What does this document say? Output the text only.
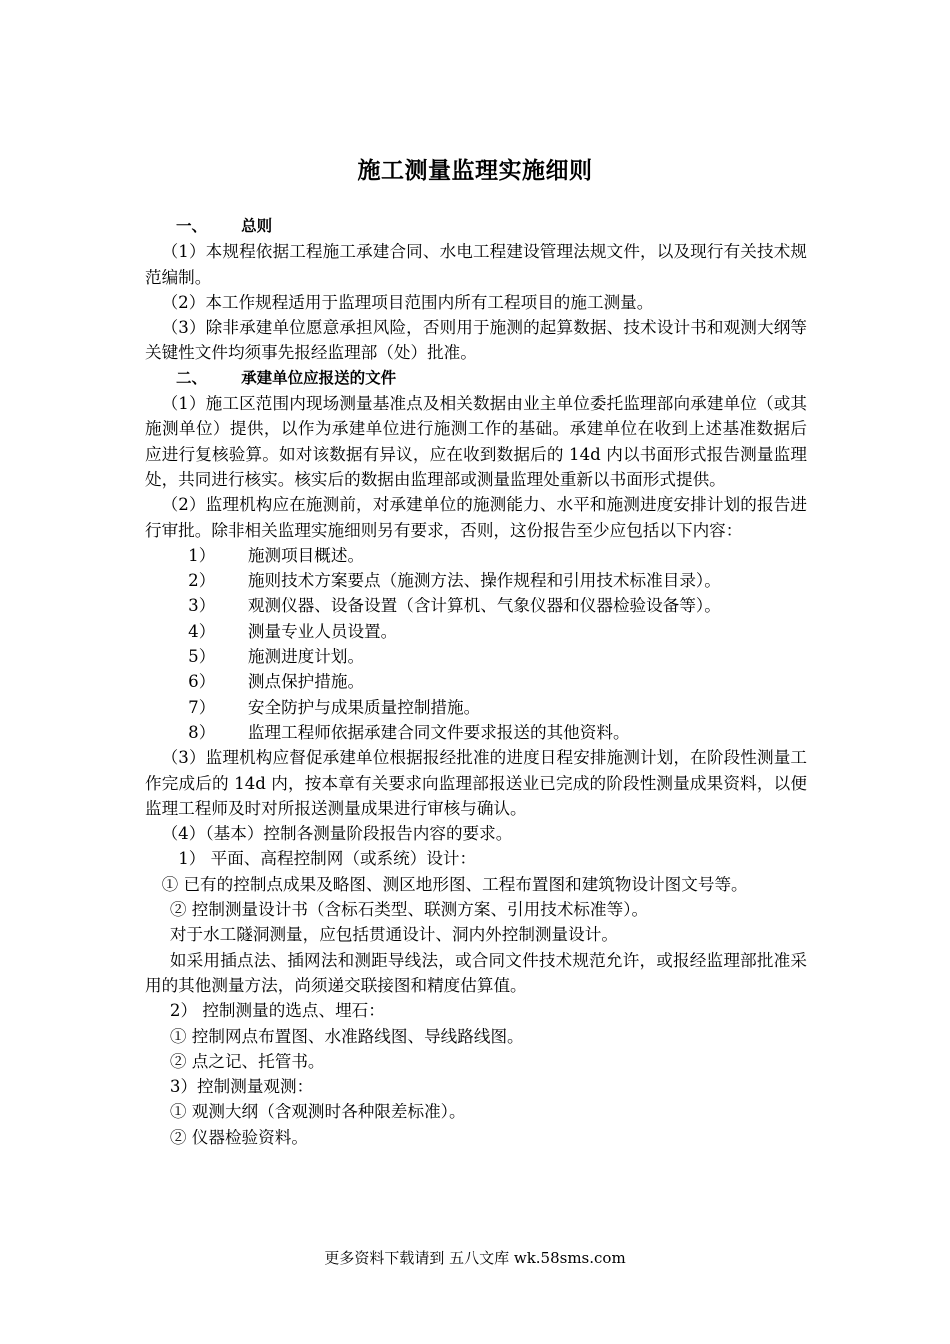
施工测量监理实施细则

一、 总则

（1）本规程依据工程施工承建合同、水电工程建设管理法规文件，以及现行有关技术规范编制。

（2）本工作规程适用于监理项目范围内所有工程项目的施工测量。

（3）除非承建单位愿意承担风险，否则用于施测的起算数据、技术设计书和观测大纲等关键性文件均须事先报经监理部（处）批准。

二、 承建单位应报送的文件

（1）施工区范围内现场测量基准点及相关数据由业主单位委托监理部向承建单位（或其施测单位）提供，以作为承建单位进行施测工作的基础。承建单位在收到上述基准数据后应进行复核验算。如对该数据有异议，应在收到数据后的 14d 内以书面形式报告测量监理处，共同进行核实。核实后的数据由监理部或测量监理处重新以书面形式提供。

（2）监理机构应在施测前，对承建单位的施测能力、水平和施测进度安排计划的报告进行审批。除非相关监理实施细则另有要求，否则，这份报告至少应包括以下内容：

1） 施测项目概述。

2） 施则技术方案要点（施测方法、操作规程和引用技术标准目录）。

3） 观测仪器、设备设置（含计算机、气象仪器和仪器检验设备等）。

4） 测量专业人员设置。

5） 施测进度计划。

6） 测点保护措施。

7） 安全防护与成果质量控制措施。

8） 监理工程师依据承建合同文件要求报送的其他资料。

（3）监理机构应督促承建单位根据报经批准的进度日程安排施测计划，在阶段性测量工作完成后的 14d 内，按本章有关要求向监理部报送业已完成的阶段性测量成果资料，以便监理工程师及时对所报送测量成果进行审核与确认。

（4）（基本）控制各测量阶段报告内容的要求。

1） 平面、高程控制网（或系统）设计：

① 已有的控制点成果及略图、测区地形图、工程布置图和建筑物设计图文号等。

② 控制测量设计书（含标石类型、联测方案、引用技术标准等）。

对于水工隧洞测量，应包括贯通设计、洞内外控制测量设计。

如采用插点法、插网法和测距导线法，或合同文件技术规范允许，或报经监理部批准采用的其他测量方法，尚须递交联接图和精度估算值。

2） 控制测量的选点、埋石：

① 控制网点布置图、水准路线图、导线路线图。

② 点之记、托管书。

3）控制测量观测：

① 观测大纲（含观测时各种限差标准）。

② 仪器检验资料。

更多资料下载请到 五八文库 wk.58sms.com
